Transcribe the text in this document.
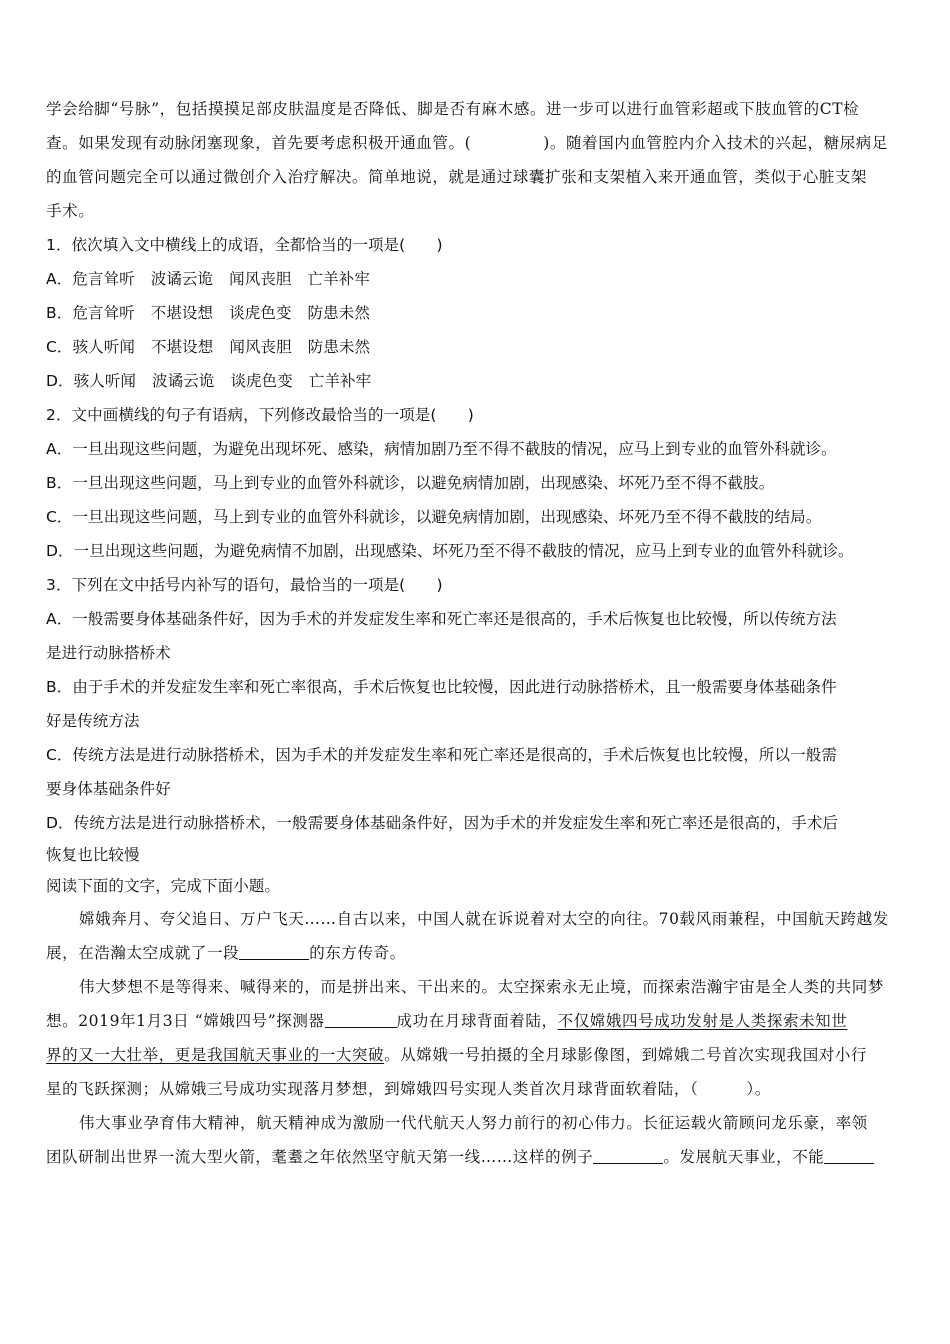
学会给脚“号脉”，包括摸摸足部皮肤温度是否降低、脚是否有麻木感。进一步可以进行血管彩超或下肢血管的CT检
查。如果发现有动脉闭塞现象，首先要考虑积极开通血管。(	)。随着国内血管腔内介入技术的兴起，糖尿病足
的血管问题完全可以通过微创介入治疗解决。简单地说，就是通过球囊扩张和支架植入来开通血管，类似于心脏支架
手术。
1．依次填入文中横线上的成语，全都恰当的一项是(　　)
A．危言耸听 波谲云诡 闻风丧胆 亡羊补牢
B．危言耸听 不堪设想 谈虎色变 防患未然
C．骇人听闻 不堪设想 闻风丧胆 防患未然
D．骇人听闻 波谲云诡 谈虎色变 亡羊补牢
2．文中画横线的句子有语病，下列修改最恰当的一项是(　　)
A．一旦出现这些问题，为避免出现坏死、感染，病情加剧乃至不得不截肢的情况，应马上到专业的血管外科就诊。
B．一旦出现这些问题，马上到专业的血管外科就诊，以避免病情加剧，出现感染、坏死乃至不得不截肢。
C．一旦出现这些问题，马上到专业的血管外科就诊，以避免病情加剧，出现感染、坏死乃至不得不截肢的结局。
D．一旦出现这些问题，为避免病情不加剧，出现感染、坏死乃至不得不截肢的情况，应马上到专业的血管外科就诊。
3．下列在文中括号内补写的语句，最恰当的一项是(　　)
A．一般需要身体基础条件好，因为手术的并发症发生率和死亡率还是很高的，手术后恢复也比较慢，所以传统方法
是进行动脉搭桥术
B．由于手术的并发症发生率和死亡率很高，手术后恢复也比较慢，因此进行动脉搭桥术，且一般需要身体基础条件
好是传统方法
C．传统方法是进行动脉搭桥术，因为手术的并发症发生率和死亡率还是很高的，手术后恢复也比较慢，所以一般需
要身体基础条件好
D．传统方法是进行动脉搭桥术，一般需要身体基础条件好，因为手术的并发症发生率和死亡率还是很高的，手术后
恢复也比较慢
阅读下面的文字，完成下面小题。
嫦娥奔月、夸父追日、万户飞天……自古以来，中国人就在诉说着对太空的向往。70载风雨兼程，中国航天跨越发
展，在浩瀚太空成就了一段	的东方传奇。
伟大梦想不是等得来、喊得来的，而是拼出来、干出来的。太空探索永无止境，而探索浩瀚宇宙是全人类的共同梦
想。2019年1月3日 “嫦娥四号”探测器	成功在月球背面着陆，不仅嫦娥四号成功发射是人类探索未知世
界的又一大壮举，更是我国航天事业的一大突破。从嫦娥一号拍摄的全月球影像图，到嫦娥二号首次实现我国对小行
星的飞跃探测；从嫦娥三号成功实现落月梦想，到嫦娥四号实现人类首次月球背面软着陆，（	）。
伟大事业孕育伟大精神，航天精神成为激励一代代航天人努力前行的初心伟力。长征运载火箭顾问龙乐豪，率领
团队研制出世界一流大型火箭，耄耋之年依然坚守航天第一线……这样的例子	。发展航天事业，不能
